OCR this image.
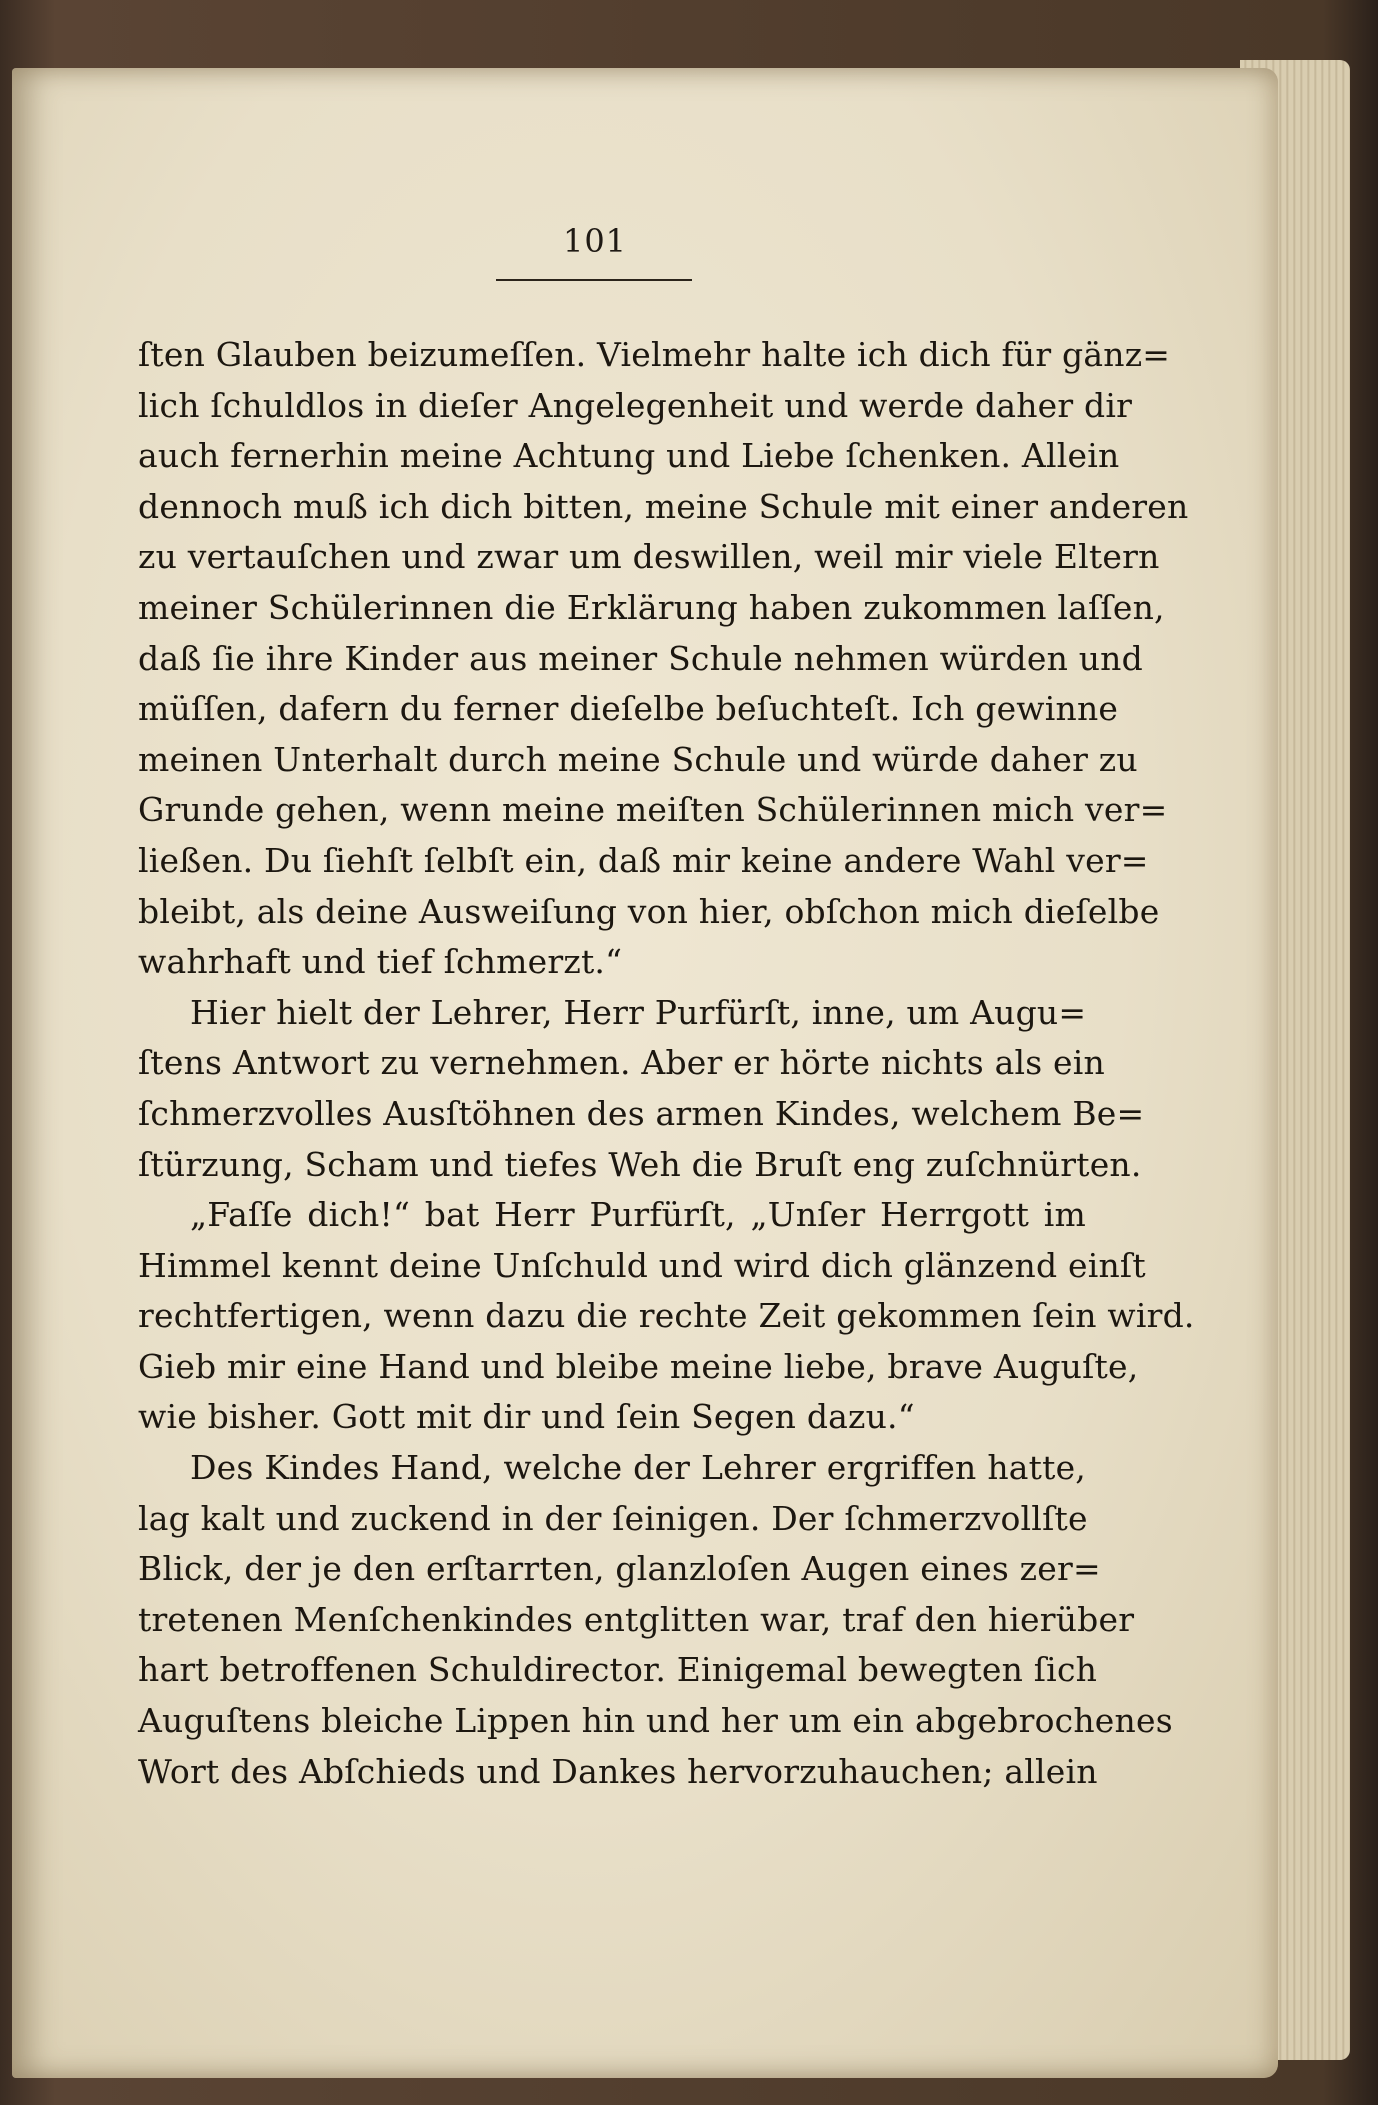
101
ſten Glauben beizumeſſen. Vielmehr halte ich dich für gänz=
lich ſchuldlos in dieſer Angelegenheit und werde daher dir
auch fernerhin meine Achtung und Liebe ſchenken. Allein
dennoch muß ich dich bitten, meine Schule mit einer anderen
zu vertauſchen und zwar um deswillen, weil mir viele Eltern
meiner Schülerinnen die Erklärung haben zukommen laſſen,
daß ſie ihre Kinder aus meiner Schule nehmen würden und
müſſen, dafern du ferner dieſelbe beſuchteſt. Ich gewinne
meinen Unterhalt durch meine Schule und würde daher zu
Grunde gehen, wenn meine meiſten Schülerinnen mich ver=
ließen. Du ſiehſt ſelbſt ein, daß mir keine andere Wahl ver=
bleibt, als deine Ausweiſung von hier, obſchon mich dieſelbe
wahrhaft und tief ſchmerzt.“
Hier hielt der Lehrer, Herr Purfürſt, inne, um Augu=
ſtens Antwort zu vernehmen. Aber er hörte nichts als ein
ſchmerzvolles Ausſtöhnen des armen Kindes, welchem Be=
ſtürzung, Scham und tiefes Weh die Bruſt eng zuſchnürten.
„Faſſe dich!“ bat Herr Purfürſt, „Unſer Herrgott im
Himmel kennt deine Unſchuld und wird dich glänzend einſt
rechtfertigen, wenn dazu die rechte Zeit gekommen ſein wird.
Gieb mir eine Hand und bleibe meine liebe, brave Auguſte,
wie bisher. Gott mit dir und ſein Segen dazu.“
Des Kindes Hand, welche der Lehrer ergriffen hatte,
lag kalt und zuckend in der ſeinigen. Der ſchmerzvollſte
Blick, der je den erſtarrten, glanzloſen Augen eines zer=
tretenen Menſchenkindes entglitten war, traf den hierüber
hart betroffenen Schuldirector. Einigemal bewegten ſich
Auguſtens bleiche Lippen hin und her um ein abgebrochenes
Wort des Abſchieds und Dankes hervorzuhauchen; allein
